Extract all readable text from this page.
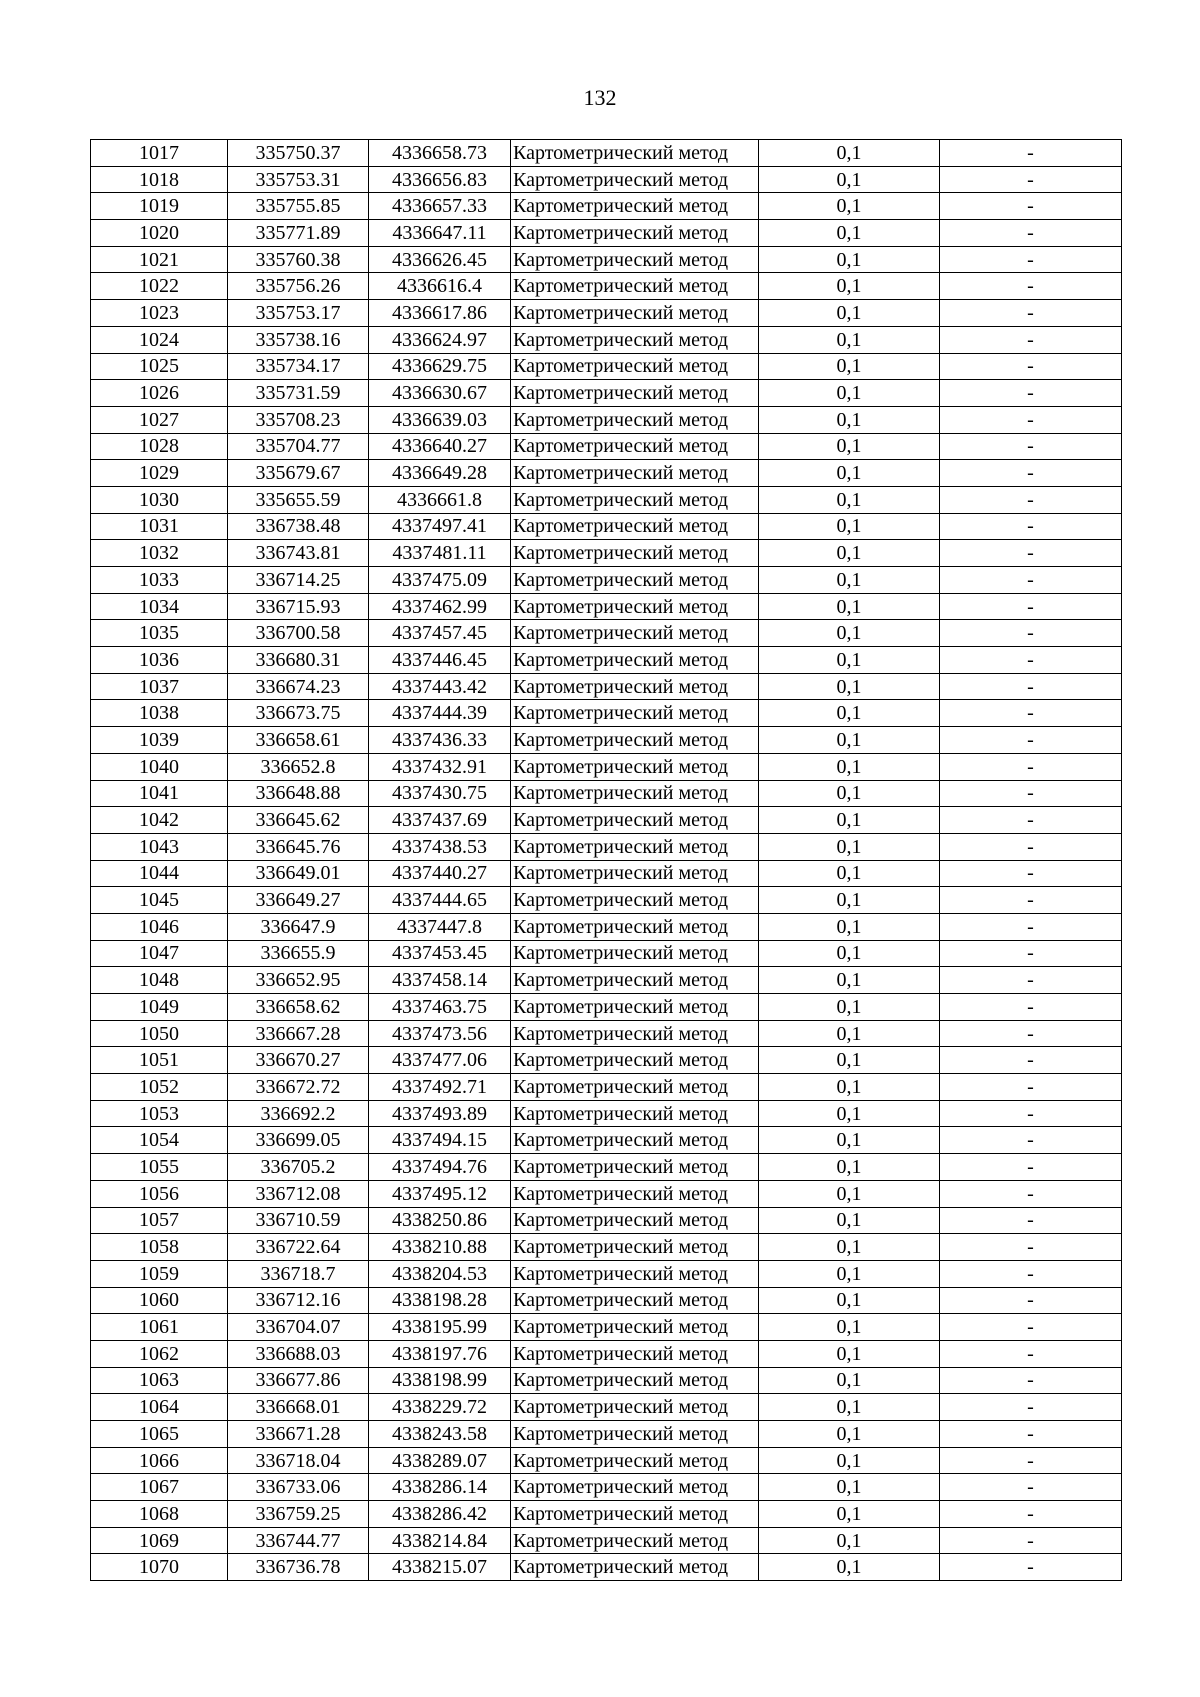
132
1017	335750.37	4336658.73	Картометрический метод	0,1	-
1018	335753.31	4336656.83	Картометрический метод	0,1	-
1019	335755.85	4336657.33	Картометрический метод	0,1	-
1020	335771.89	4336647.11	Картометрический метод	0,1	-
1021	335760.38	4336626.45	Картометрический метод	0,1	-
1022	335756.26	4336616.4	Картометрический метод	0,1	-
1023	335753.17	4336617.86	Картометрический метод	0,1	-
1024	335738.16	4336624.97	Картометрический метод	0,1	-
1025	335734.17	4336629.75	Картометрический метод	0,1	-
1026	335731.59	4336630.67	Картометрический метод	0,1	-
1027	335708.23	4336639.03	Картометрический метод	0,1	-
1028	335704.77	4336640.27	Картометрический метод	0,1	-
1029	335679.67	4336649.28	Картометрический метод	0,1	-
1030	335655.59	4336661.8	Картометрический метод	0,1	-
1031	336738.48	4337497.41	Картометрический метод	0,1	-
1032	336743.81	4337481.11	Картометрический метод	0,1	-
1033	336714.25	4337475.09	Картометрический метод	0,1	-
1034	336715.93	4337462.99	Картометрический метод	0,1	-
1035	336700.58	4337457.45	Картометрический метод	0,1	-
1036	336680.31	4337446.45	Картометрический метод	0,1	-
1037	336674.23	4337443.42	Картометрический метод	0,1	-
1038	336673.75	4337444.39	Картометрический метод	0,1	-
1039	336658.61	4337436.33	Картометрический метод	0,1	-
1040	336652.8	4337432.91	Картометрический метод	0,1	-
1041	336648.88	4337430.75	Картометрический метод	0,1	-
1042	336645.62	4337437.69	Картометрический метод	0,1	-
1043	336645.76	4337438.53	Картометрический метод	0,1	-
1044	336649.01	4337440.27	Картометрический метод	0,1	-
1045	336649.27	4337444.65	Картометрический метод	0,1	-
1046	336647.9	4337447.8	Картометрический метод	0,1	-
1047	336655.9	4337453.45	Картометрический метод	0,1	-
1048	336652.95	4337458.14	Картометрический метод	0,1	-
1049	336658.62	4337463.75	Картометрический метод	0,1	-
1050	336667.28	4337473.56	Картометрический метод	0,1	-
1051	336670.27	4337477.06	Картометрический метод	0,1	-
1052	336672.72	4337492.71	Картометрический метод	0,1	-
1053	336692.2	4337493.89	Картометрический метод	0,1	-
1054	336699.05	4337494.15	Картометрический метод	0,1	-
1055	336705.2	4337494.76	Картометрический метод	0,1	-
1056	336712.08	4337495.12	Картометрический метод	0,1	-
1057	336710.59	4338250.86	Картометрический метод	0,1	-
1058	336722.64	4338210.88	Картометрический метод	0,1	-
1059	336718.7	4338204.53	Картометрический метод	0,1	-
1060	336712.16	4338198.28	Картометрический метод	0,1	-
1061	336704.07	4338195.99	Картометрический метод	0,1	-
1062	336688.03	4338197.76	Картометрический метод	0,1	-
1063	336677.86	4338198.99	Картометрический метод	0,1	-
1064	336668.01	4338229.72	Картометрический метод	0,1	-
1065	336671.28	4338243.58	Картометрический метод	0,1	-
1066	336718.04	4338289.07	Картометрический метод	0,1	-
1067	336733.06	4338286.14	Картометрический метод	0,1	-
1068	336759.25	4338286.42	Картометрический метод	0,1	-
1069	336744.77	4338214.84	Картометрический метод	0,1	-
1070	336736.78	4338215.07	Картометрический метод	0,1	-
